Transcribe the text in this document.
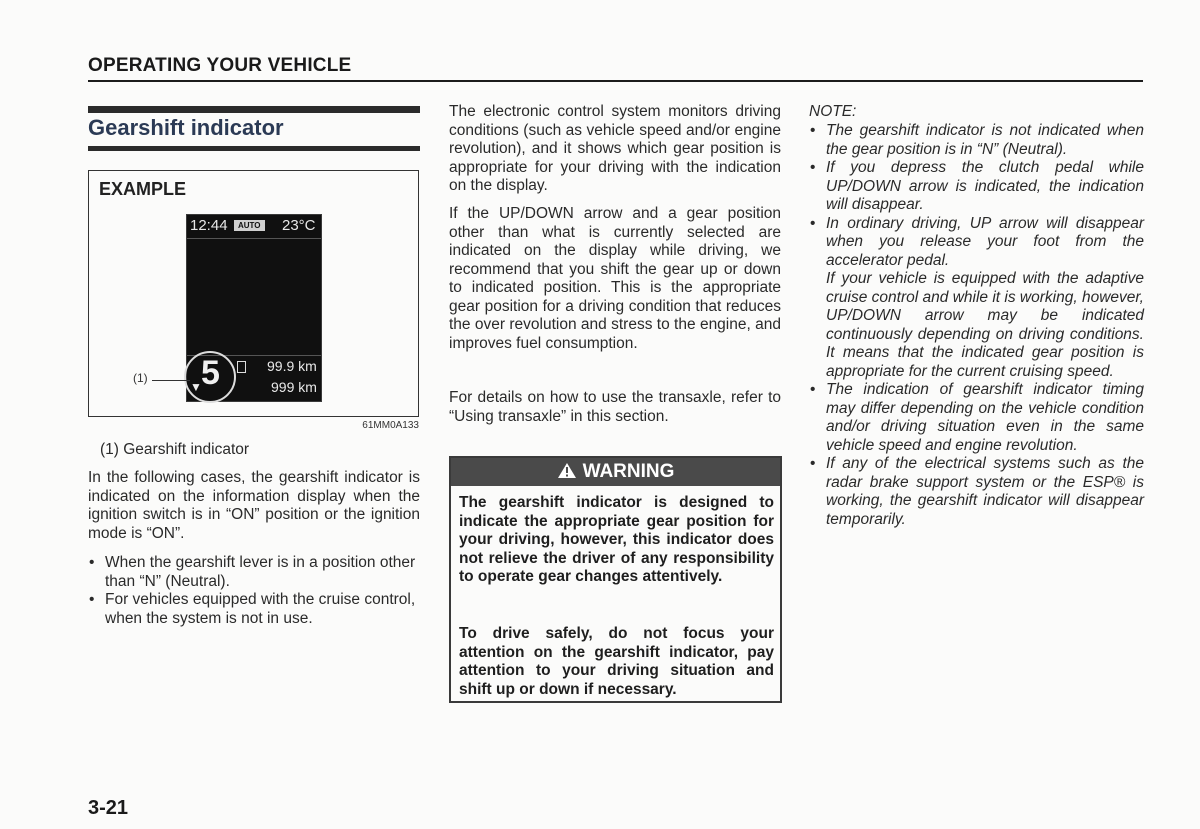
OPERATING YOUR VEHICLE
Gearshift indicator
EXAMPLE
12:44	AUTO 23°C
5
▼
99.9 km
999 km
(1)
61MM0A133
(1) Gearshift indicator
In the following cases, the gearshift indicator is indicated on the information display when the ignition switch is in “ON” position or the ignition mode is “ON”.
• When the gearshift lever is in a position other than “N” (Neutral).
• For vehicles equipped with the cruise control, when the system is not in use.
The electronic control system monitors driving conditions (such as vehicle speed and/or engine revolution), and it shows which gear position is appropriate for your driving with the indication on the display.
If the UP/DOWN arrow and a gear position other than what is currently selected are indicated on the display while driving, we recommend that you shift the gear up or down to indicated position. This is the appropriate gear position for a driving condition that reduces the over revolution and stress to the engine, and improves fuel consumption.
For details on how to use the transaxle, refer to “Using transaxle” in this section.
WARNING
The gearshift indicator is designed to indicate the appropriate gear position for your driving, however, this indicator does not relieve the driver of any responsibility to operate gear changes attentively.
To drive safely, do not focus your attention on the gearshift indicator, pay attention to your driving situation and shift up or down if necessary.
NOTE:
• The gearshift indicator is not indicated when the gear position is in “N” (Neutral).
• If you depress the clutch pedal while UP/DOWN arrow is indicated, the indication will disappear.
• In ordinary driving, UP arrow will disappear when you release your foot from the accelerator pedal.
If your vehicle is equipped with the adaptive cruise control and while it is working, however, UP/DOWN arrow may be indicated continuously depending on driving conditions. It means that the indicated gear position is appropriate for the current cruising speed.
• The indication of gearshift indicator timing may differ depending on the vehicle condition and/or driving situation even in the same vehicle speed and engine revolution.
• If any of the electrical systems such as the radar brake support system or the ESP® is working, the gearshift indicator will disappear temporarily.
3-21
